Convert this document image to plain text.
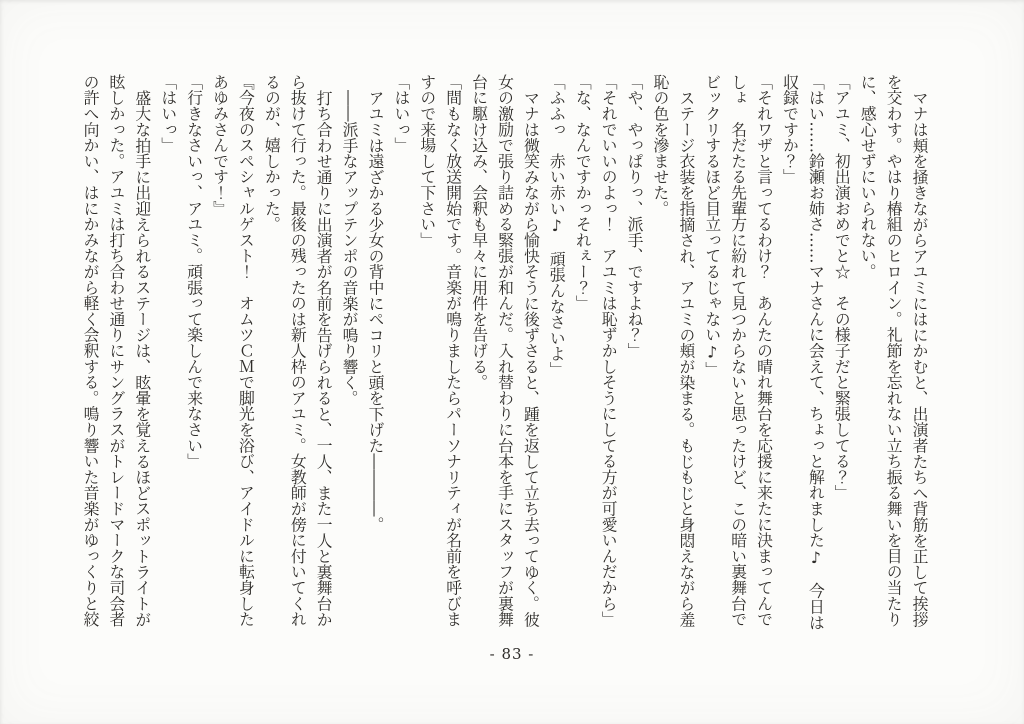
マナは頬を掻きながらアユミにはにかむと、出演者たちへ背筋を正して挨拶
を交わす。やはり椿組のヒロイン。礼節を忘れない立ち振る舞いを目の当たり
に、感心せずにいられない。
「アユミ、初出演おめでと☆　その様子だと緊張してる？」
「はい……鈴瀬お姉さ……マナさんに会えて、ちょっと解れました♪　今日は
収録ですか？」
「それワザと言ってるわけ？　あんたの晴れ舞台を応援に来たに決まってんで
しょ　名だたる先輩方に紛れて見つからないと思ったけど、この暗い裏舞台で
ビックリするほど目立ってるじゃない♪」
ステージ衣装を指摘され、アユミの頬が染まる。もじもじと身悶えながら羞
恥の色を滲ませた。
「や、やっぱりっ、派手、ですよね？」
「それでいいのよっ！　アユミは恥ずかしそうにしてる方が可愛いんだから」
「な、なんですかっそれぇー？」
「ふふっ　赤い赤い♪　頑張んなさいよ」
マナは微笑みながら愉快そうに後ずさると、踵を返して立ち去ってゆく。彼
女の激励で張り詰める緊張が和んだ。入れ替わりに台本を手にスタッフが裏舞
台に駆け込み、会釈も早々に用件を告げる。
「間もなく放送開始です。音楽が鳴りましたらパーソナリティが名前を呼びま
すので来場して下さい」
「はいっ」
アユミは遠ざかる少女の背中にペコリと頭を下げた――――。
――派手なアップテンポの音楽が鳴り響く。
打ち合わせ通りに出演者が名前を告げられると、一人、また一人と裏舞台か
ら抜けて行った。最後の残ったのは新人枠のアユミ。女教師が傍に付いてくれ
るのが、嬉しかった。
『今夜のスペシャルゲスト！　オムツＣＭで脚光を浴び、アイドルに転身した
あゆみさんです！』
「行きなさいっ、アユミ。頑張って楽しんで来なさい」
「はいっ」
盛大な拍手に出迎えられるステージは、眩暈を覚えるほどスポットライトが
眩しかった。アユミは打ち合わせ通りにサングラスがトレードマークな司会者
の許へ向かい、はにかみながら軽く会釈する。鳴り響いた音楽がゆっくりと絞
- 83 -
